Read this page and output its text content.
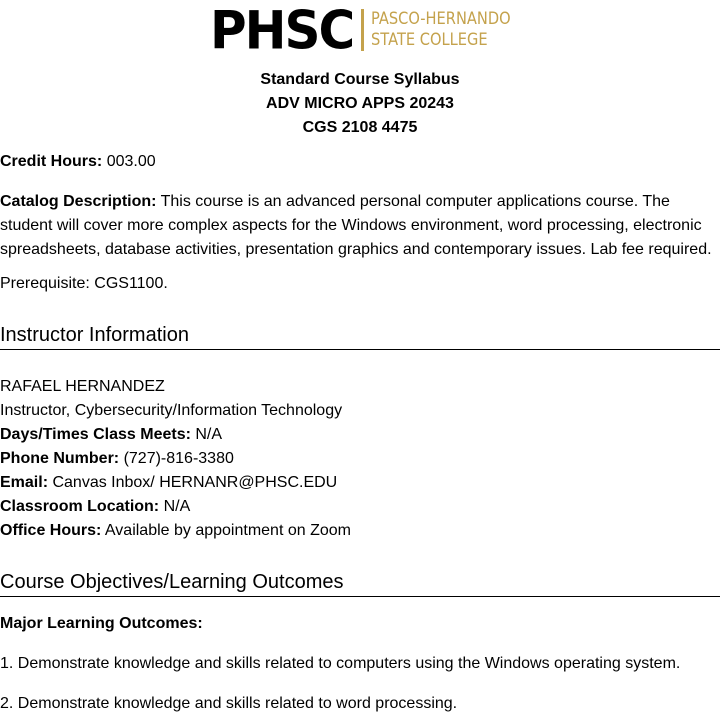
PHSC PASCO-HERNANDO
STATE COLLEGE
Standard Course Syllabus
ADV MICRO APPS 20243
CGS 2108 4475
Credit Hours: 003.00
Catalog Description: This course is an advanced personal computer applications course. The student will cover more complex aspects for the Windows environment, word processing, electronic spreadsheets, database activities, presentation graphics and contemporary issues. Lab fee required.
Prerequisite: CGS1100.
Instructor Information
RAFAEL HERNANDEZ
Instructor, Cybersecurity/Information Technology
Days/Times Class Meets: N/A
Phone Number: (727)-816-3380
Email: Canvas Inbox/ HERNANR@PHSC.EDU
Classroom Location: N/A
Office Hours: Available by appointment on Zoom
Course Objectives/Learning Outcomes
Major Learning Outcomes:
1. Demonstrate knowledge and skills related to computers using the Windows operating system.
2. Demonstrate knowledge and skills related to word processing.
